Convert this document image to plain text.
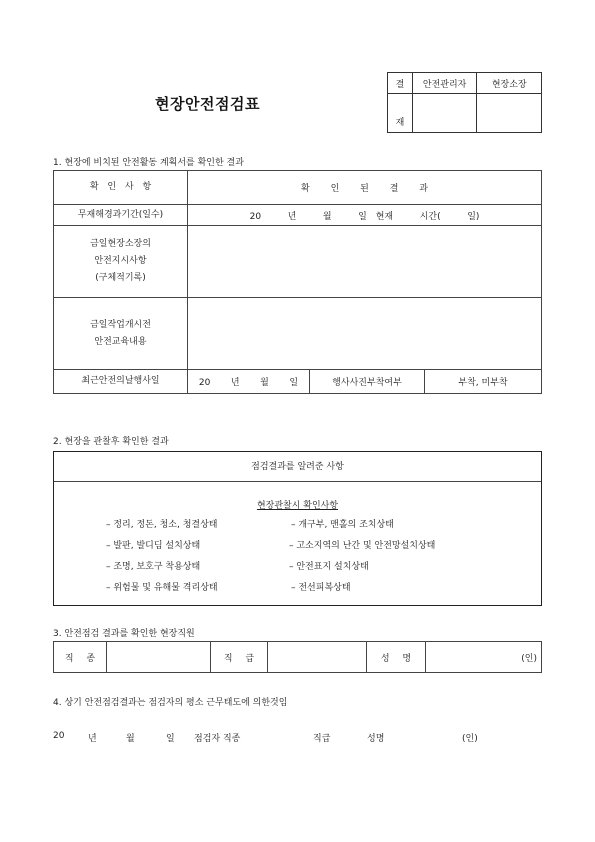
현장안전점검표
결	안전관리자	현장소장
재		
1. 현장에 비치된 안전활동 계획서를 확인한 결과
확 인 사 항	확 인 된 결 과		
무재해경과기간(일수)	20   년   월   일 현재   시간(   일)		

금일현장소장의
안전지시사항
(구체적기록)			

금일작업개시전
안전교육내용			

최근안전의날행사일	20   년   월   일	행사사진부착여부	부착, 미부착
2. 현장을 관찰후 확인한 결과
점검결과를 알려준 사항
현장관찰시 확인사항
– 정리, 정돈, 청소, 청결상태
– 발판, 발디딤 설치상태
– 조명, 보호구 착용상태
– 위험물 및 유해물 격리상태
– 개구부, 맨홀의 조치상태
– 고소지역의 난간 및 안전망설치상태
– 안전표지 설치상태
– 전선피복상태
3. 안전점검 결과를 확인한 현장직원
직 종		직 급		성 명	(인)
4. 상기 안전점검결과는 점검자의 평소 근무태도에 의한것임
20	년	월	일 점검자 직종	직급	성명	(인)
